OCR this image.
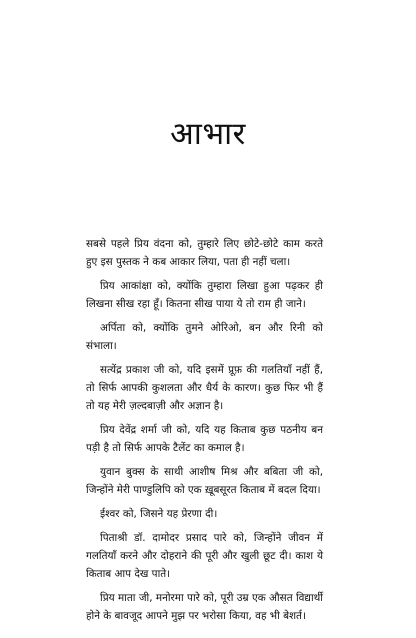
आभार

सबसे पहले प्रिय वंदना को, तुम्हारे लिए छोटे-छोटे काम करते हुए इस पुस्तक ने कब आकार लिया, पता ही नहीं चला।

प्रिय आकांक्षा को, क्योंकि तुम्हारा लिखा हुआ पढ़कर ही लिखना सीख रहा हूँ। कितना सीख पाया ये तो राम ही जाने।

अर्पिता को, क्योंकि तुमने ओरिओ, बन और रिनी को संभाला।

सत्येंद्र प्रकाश जी को, यदि इसमें प्रूफ़ की गलतियाँ नहीं हैं, तो सिर्फ आपकी कुशलता और धैर्य के कारण। कुछ फिर भी हैं तो यह मेरी ज़ल्दबाज़ी और अज्ञान है।

प्रिय देवेंद्र शर्मा जी को, यदि यह किताब कुछ पठनीय बन पड़ी है तो सिर्फ आपके टैलेंट का कमाल है।

युवान बुक्स के साथी आशीष मिश्र और बबिता जी को, जिन्होंने मेरी पाण्डुलिपि को एक ख़ूबसूरत किताब में बदल दिया।

ईश्वर को, जिसने यह प्रेरणा दी।

पिताश्री डॉ. दामोदर प्रसाद पारे को, जिन्होंने जीवन में गलतियाँ करने और दोहराने की पूरी और खुली छूट दी। काश ये किताब आप देख पाते।

प्रिय माता जी, मनोरमा पारे को, पूरी उम्र एक औसत विद्यार्थी होने के बावजूद आपने मुझ पर भरोसा किया, वह भी बेशर्त।
